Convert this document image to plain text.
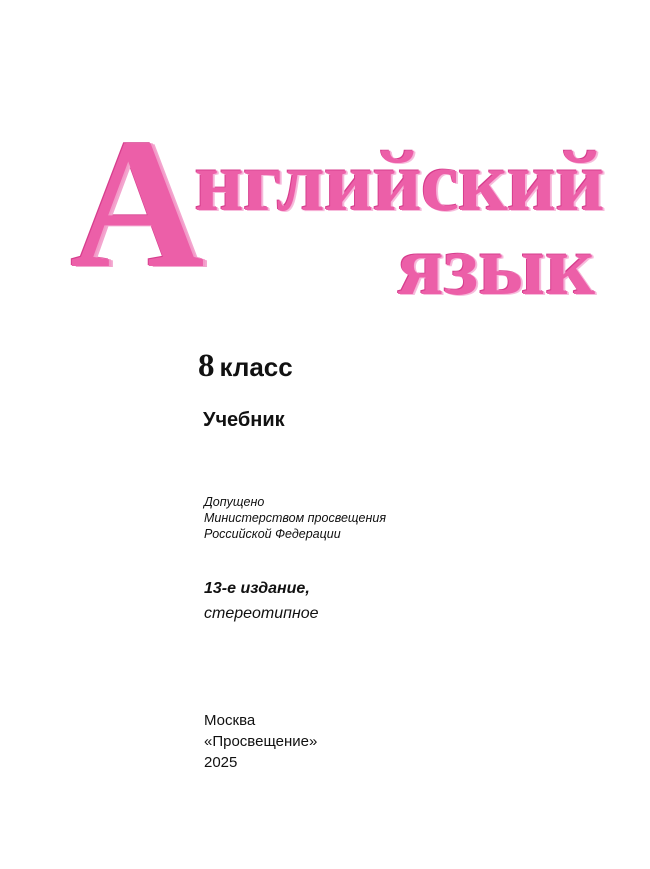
Английский
язык
8 класс
Учебник
Допущено
Министерством просвещения
Российской Федерации
13-е издание,
стереотипное
Москва
«Просвещение»
2025
